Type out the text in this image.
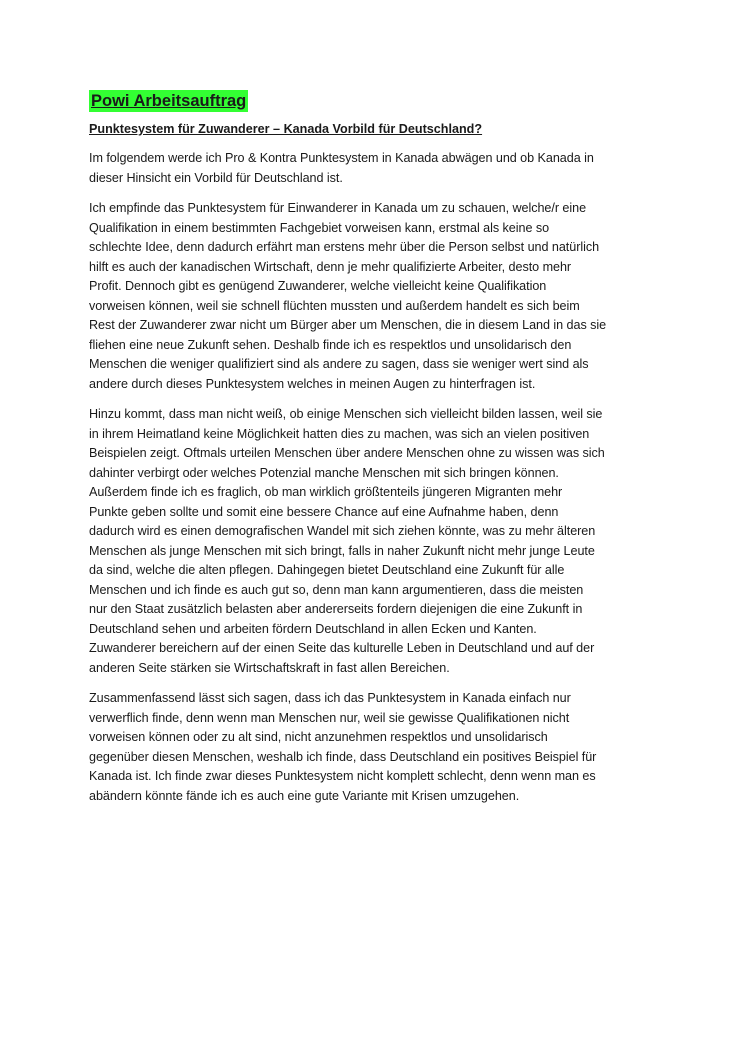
Powi Arbeitsauftrag
Punktesystem für Zuwanderer – Kanada Vorbild für Deutschland?
Im folgendem werde ich Pro & Kontra Punktesystem in Kanada abwägen und ob Kanada in
dieser Hinsicht ein Vorbild für Deutschland ist.
Ich empfinde das Punktesystem für Einwanderer in Kanada um zu schauen, welche/r eine
Qualifikation in einem bestimmten Fachgebiet vorweisen kann, erstmal als keine so
schlechte Idee, denn dadurch erfährt man erstens mehr über die Person selbst und natürlich
hilft es auch der kanadischen Wirtschaft, denn je mehr qualifizierte Arbeiter, desto mehr
Profit. Dennoch gibt es genügend Zuwanderer, welche vielleicht keine Qualifikation
vorweisen können, weil sie schnell flüchten mussten und außerdem handelt es sich beim
Rest der Zuwanderer zwar nicht um Bürger aber um Menschen, die in diesem Land in das sie
fliehen eine neue Zukunft sehen. Deshalb finde ich es respektlos und unsolidarisch den
Menschen die weniger qualifiziert sind als andere zu sagen, dass sie weniger wert sind als
andere durch dieses Punktesystem welches in meinen Augen zu hinterfragen ist.
Hinzu kommt, dass man nicht weiß, ob einige Menschen sich vielleicht bilden lassen, weil sie
in ihrem Heimatland keine Möglichkeit hatten dies zu machen, was sich an vielen positiven
Beispielen zeigt. Oftmals urteilen Menschen über andere Menschen ohne zu wissen was sich
dahinter verbirgt oder welches Potenzial manche Menschen mit sich bringen können.
Außerdem finde ich es fraglich, ob man wirklich größtenteils jüngeren Migranten mehr
Punkte geben sollte und somit eine bessere Chance auf eine Aufnahme haben, denn
dadurch wird es einen demografischen Wandel mit sich ziehen könnte, was zu mehr älteren
Menschen als junge Menschen mit sich bringt, falls in naher Zukunft nicht mehr junge Leute
da sind, welche die alten pflegen. Dahingegen bietet Deutschland eine Zukunft für alle
Menschen und ich finde es auch gut so, denn man kann argumentieren, dass die meisten
nur den Staat zusätzlich belasten aber andererseits fordern diejenigen die eine Zukunft in
Deutschland sehen und arbeiten fördern Deutschland in allen Ecken und Kanten.
Zuwanderer bereichern auf der einen Seite das kulturelle Leben in Deutschland und auf der
anderen Seite stärken sie Wirtschaftskraft in fast allen Bereichen.
Zusammenfassend lässt sich sagen, dass ich das Punktesystem in Kanada einfach nur
verwerflich finde, denn wenn man Menschen nur, weil sie gewisse Qualifikationen nicht
vorweisen können oder zu alt sind, nicht anzunehmen respektlos und unsolidarisch
gegenüber diesen Menschen, weshalb ich finde, dass Deutschland ein positives Beispiel für
Kanada ist. Ich finde zwar dieses Punktesystem nicht komplett schlecht, denn wenn man es
abändern könnte fände ich es auch eine gute Variante mit Krisen umzugehen.
